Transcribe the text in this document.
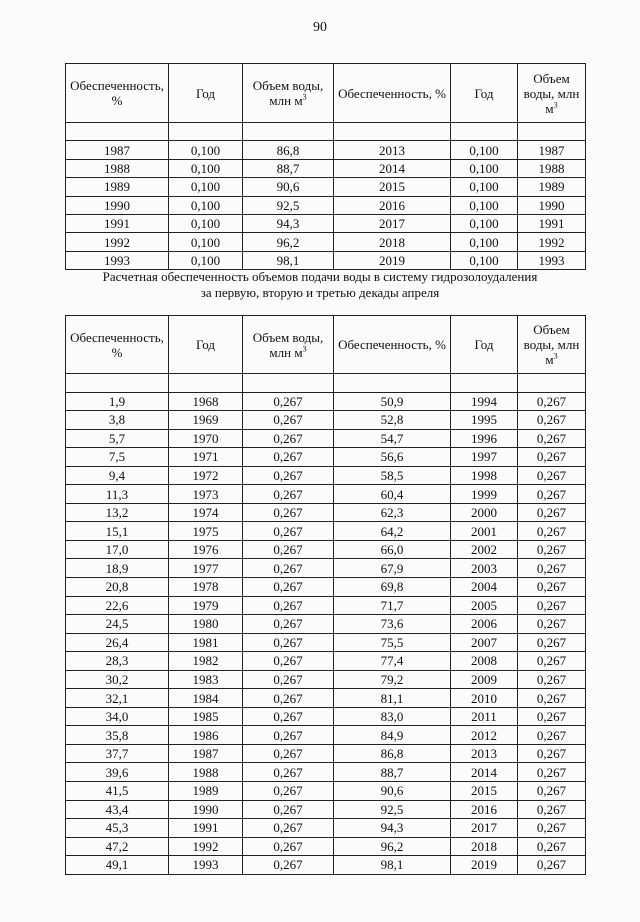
90
Обеспеченность, %	Год	Объем воды, млн $м^3$	Обеспеченность, %	Год	Объем воды, млн $м^3$

1987	0,100	86,8	2013	0,100	1987
1988	0,100	88,7	2014	0,100	1988
1989	0,100	90,6	2015	0,100	1989
1990	0,100	92,5	2016	0,100	1990
1991	0,100	94,3	2017	0,100	1991
1992	0,100	96,2	2018	0,100	1992
1993	0,100	98,1	2019	0,100	1993
Расчетная обеспеченность объемов подачи воды в систему гидрозолоудаления
за первую, вторую и третью декады апреля
Обеспеченность, %	Год	Объем воды, млн $м^3$	Обеспеченность, %	Год	Объем воды, млн $м^3$

1,9	1968	0,267	50,9	1994	0,267
3,8	1969	0,267	52,8	1995	0,267
5,7	1970	0,267	54,7	1996	0,267
7,5	1971	0,267	56,6	1997	0,267
9,4	1972	0,267	58,5	1998	0,267
11,3	1973	0,267	60,4	1999	0,267
13,2	1974	0,267	62,3	2000	0,267
15,1	1975	0,267	64,2	2001	0,267
17,0	1976	0,267	66,0	2002	0,267
18,9	1977	0,267	67,9	2003	0,267
20,8	1978	0,267	69,8	2004	0,267
22,6	1979	0,267	71,7	2005	0,267
24,5	1980	0,267	73,6	2006	0,267
26,4	1981	0,267	75,5	2007	0,267
28,3	1982	0,267	77,4	2008	0,267
30,2	1983	0,267	79,2	2009	0,267
32,1	1984	0,267	81,1	2010	0,267
34,0	1985	0,267	83,0	2011	0,267
35,8	1986	0,267	84,9	2012	0,267
37,7	1987	0,267	86,8	2013	0,267
39,6	1988	0,267	88,7	2014	0,267
41,5	1989	0,267	90,6	2015	0,267
43,4	1990	0,267	92,5	2016	0,267
45,3	1991	0,267	94,3	2017	0,267
47,2	1992	0,267	96,2	2018	0,267
49,1	1993	0,267	98,1	2019	0,267
